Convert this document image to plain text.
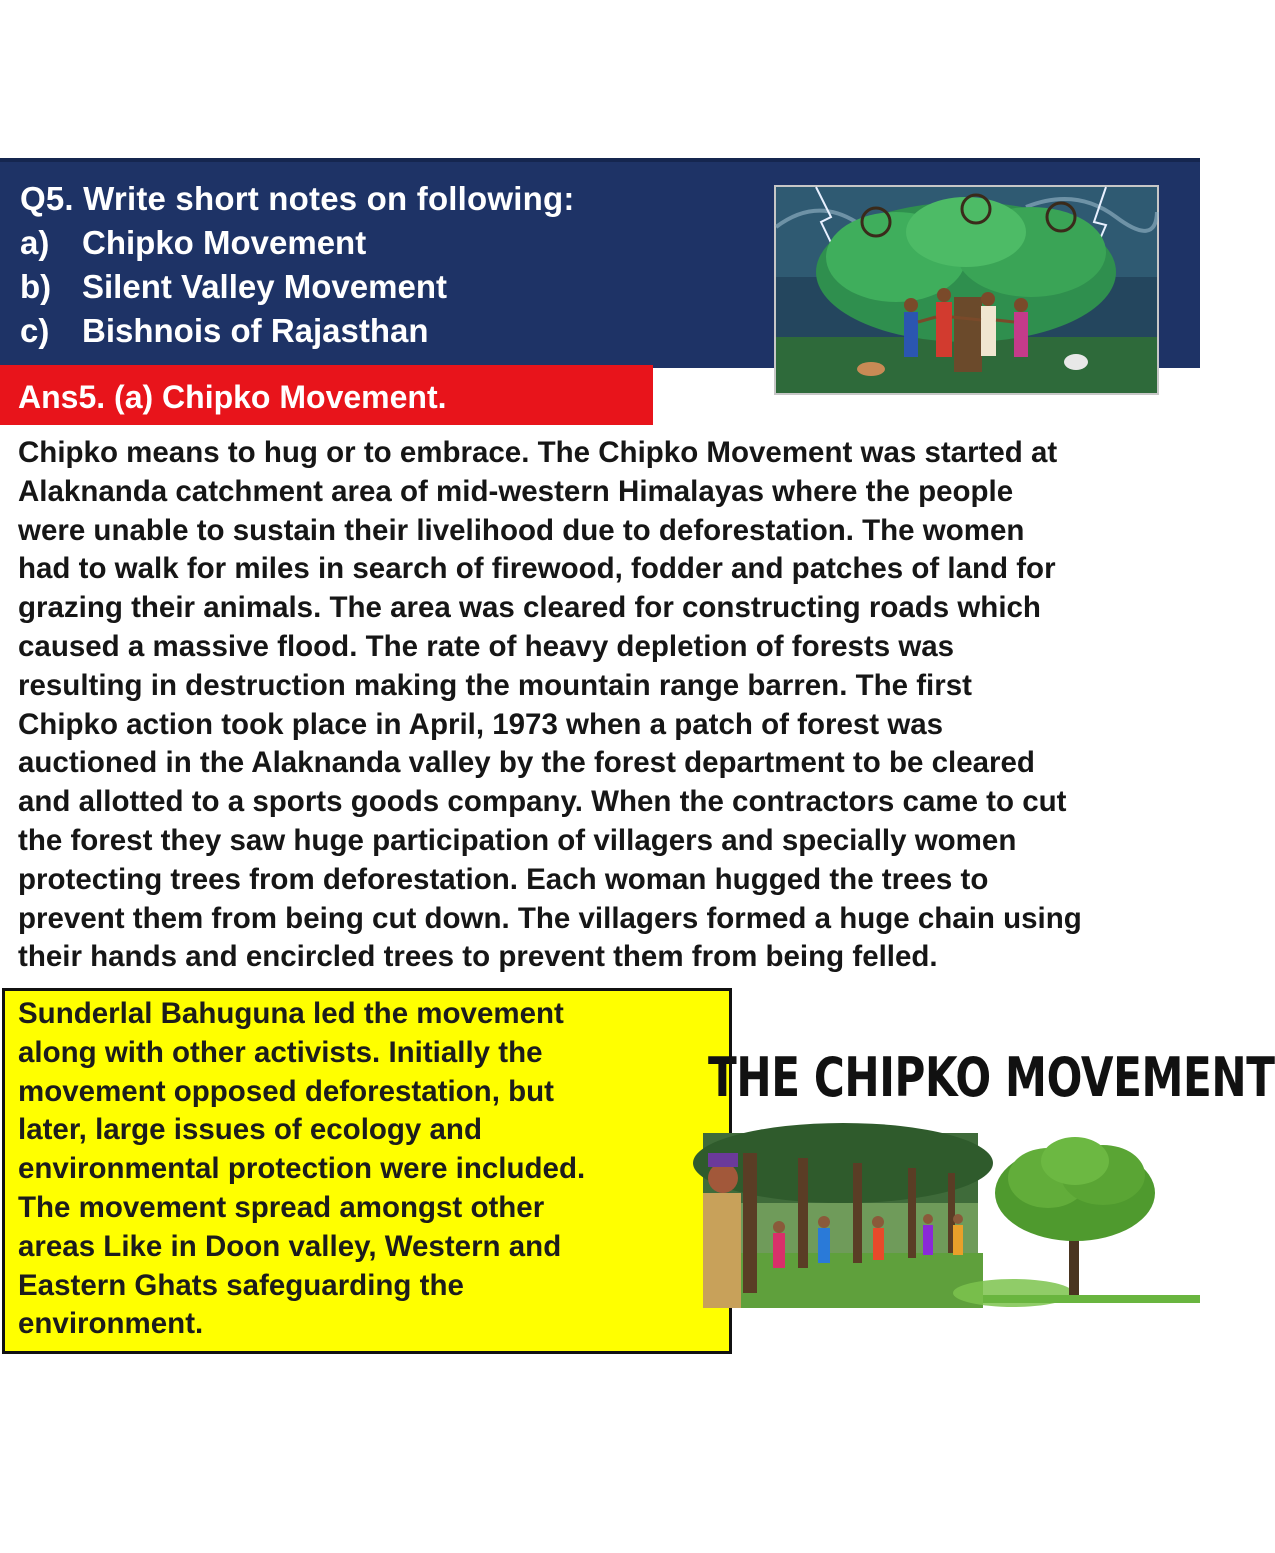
Q5. Write short notes on following:
a) Chipko Movement
b) Silent Valley Movement
c) Bishnois of Rajasthan
Ans5. (a) Chipko Movement.
Chipko means to hug or to embrace. The Chipko Movement was started at
Alaknanda catchment area of mid-western Himalayas where the people
were unable to sustain their livelihood due to deforestation. The women
had to walk for miles in search of firewood, fodder and patches of land for
grazing their animals. The area was cleared for constructing roads which
caused a massive flood. The rate of heavy depletion of forests was
resulting in destruction making the mountain range barren. The first
Chipko action took place in April, 1973 when a patch of forest was
auctioned in the Alaknanda valley by the forest department to be cleared
and allotted to a sports goods company. When the contractors came to cut
the forest they saw huge participation of villagers and specially women
protecting trees from deforestation. Each woman hugged the trees to
prevent them from being cut down. The villagers formed a huge chain using
their hands and encircled trees to prevent them from being felled.
Sunderlal Bahuguna led the movement
along with other activists. Initially the
movement opposed deforestation, but
later, large issues of ecology and
environmental protection were included.
The movement spread amongst other
areas Like in Doon valley, Western and
Eastern Ghats safeguarding the
environment.
THE CHIPKO MOVEMENT
